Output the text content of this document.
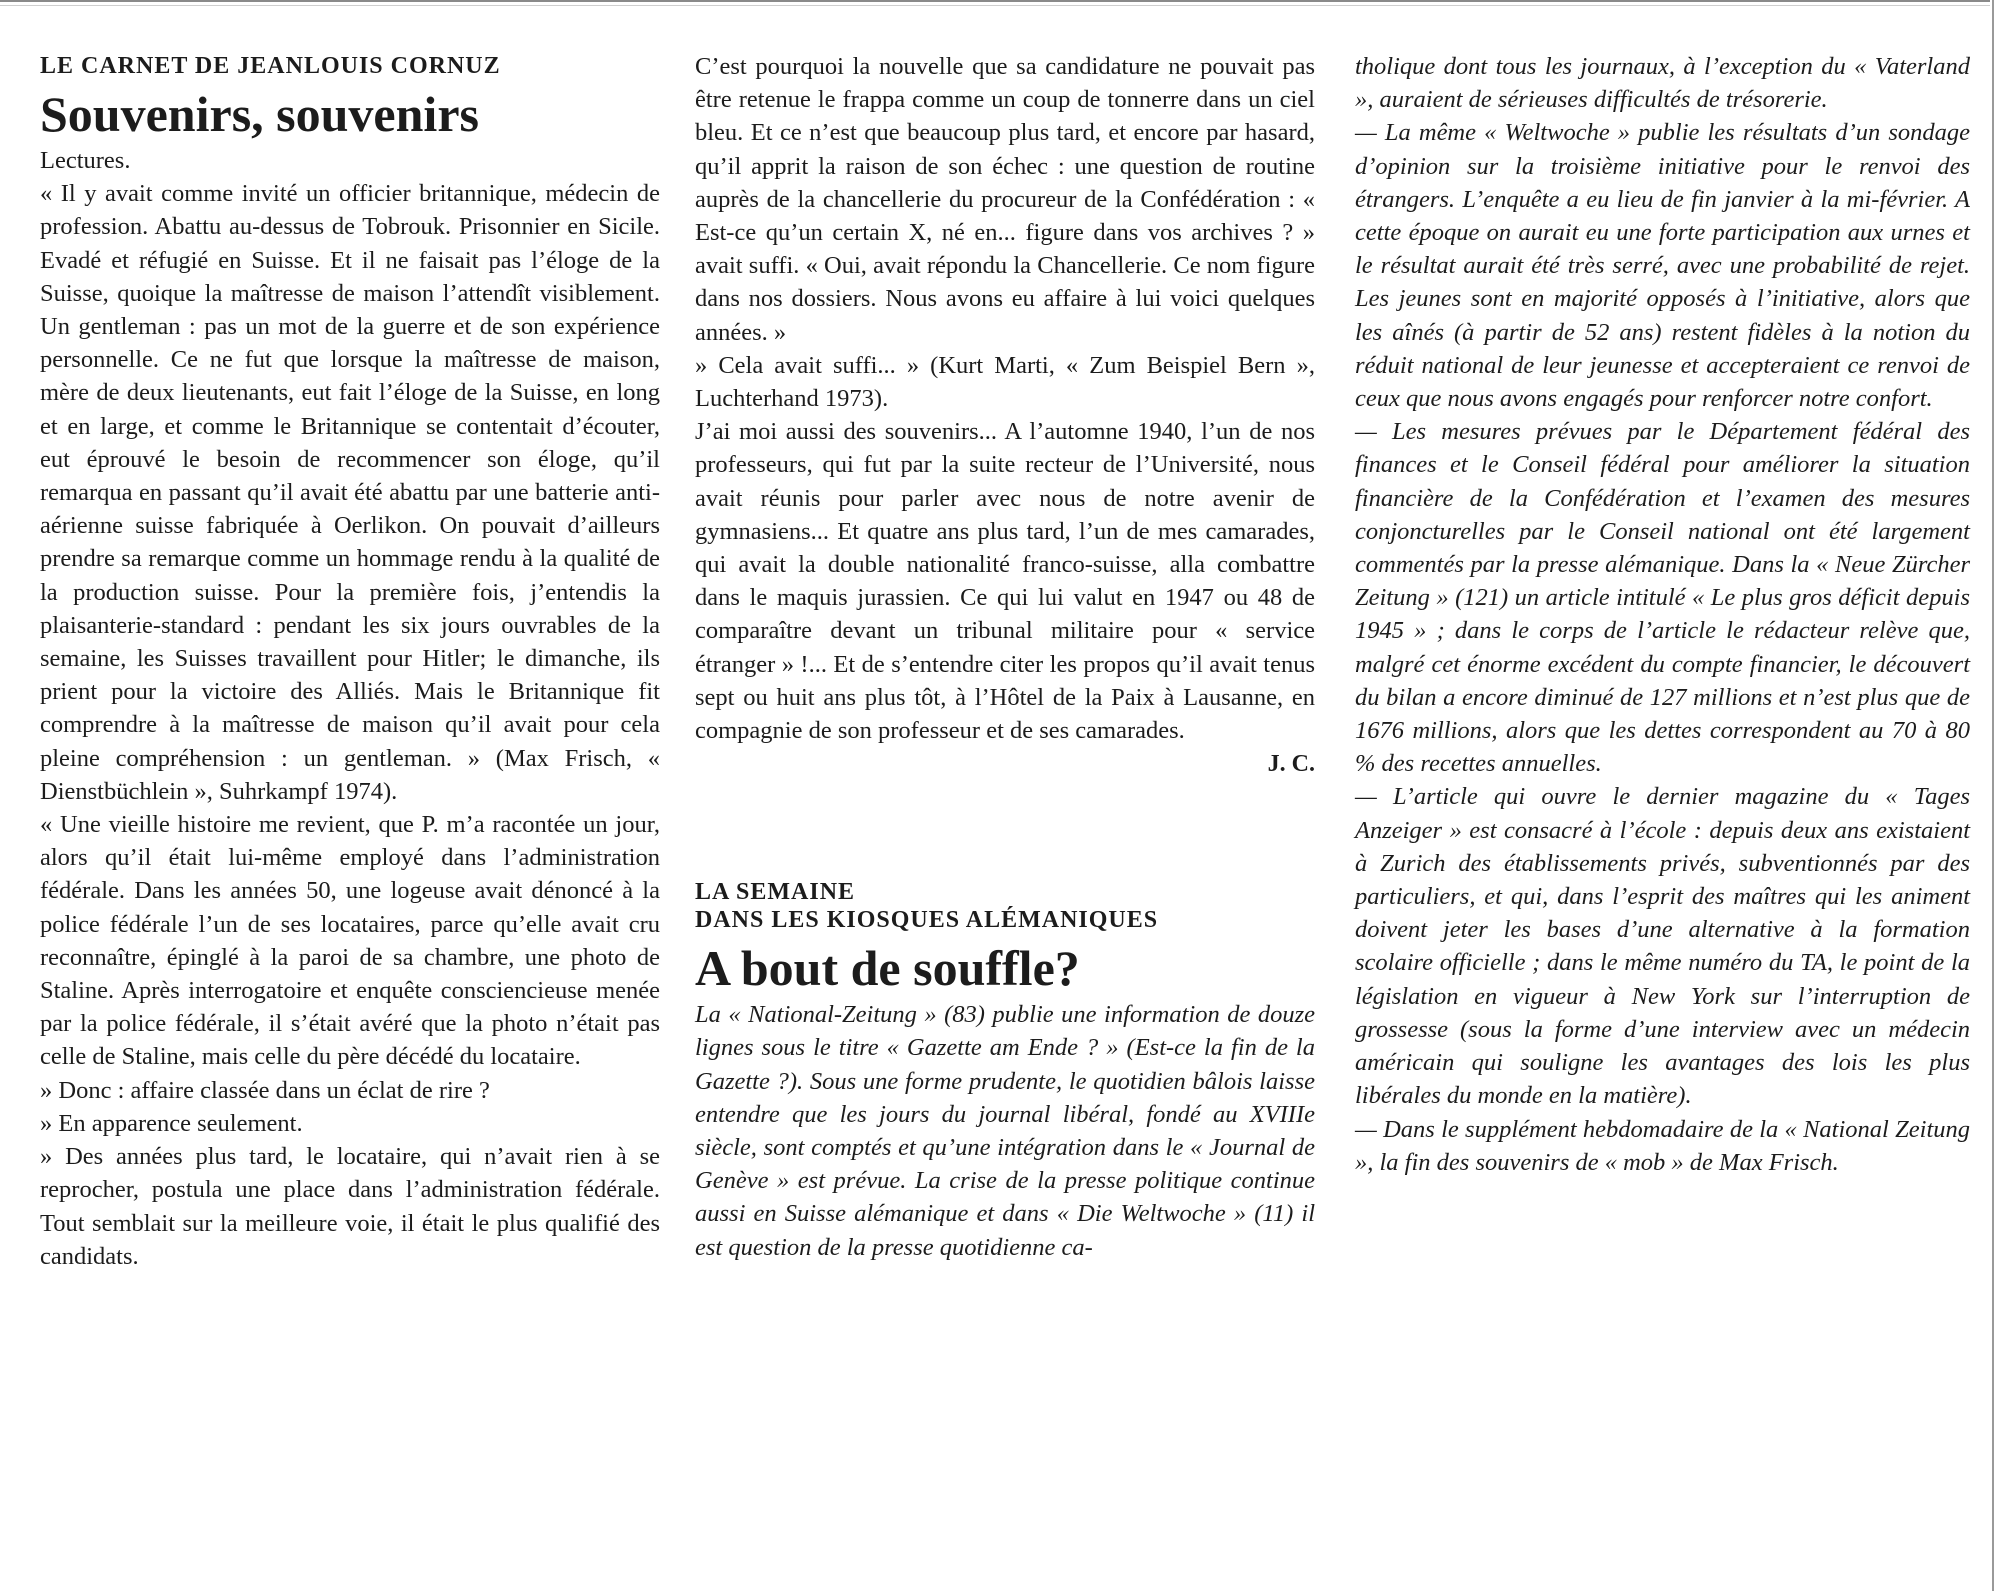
LE CARNET DE JEANLOUIS CORNUZ
Souvenirs, souvenirs

Lectures.

« Il y avait comme invité un officier britannique, médecin de profession. Abattu au-dessus de Tobrouk. Prisonnier en Sicile. Evadé et réfugié en Suisse. Et il ne faisait pas l’éloge de la Suisse, quoique la maîtresse de maison l’attendît visiblement. Un gentleman : pas un mot de la guerre et de son expérience personnelle. Ce ne fut que lorsque la maîtresse de maison, mère de deux lieutenants, eut fait l’éloge de la Suisse, en long et en large, et comme le Britannique se contentait d’écouter, eut éprouvé le besoin de recommencer son éloge, qu’il remarqua en passant qu’il avait été abattu par une batterie anti-aérienne suisse fabriquée à Oerlikon. On pouvait d’ailleurs prendre sa remarque comme un hommage rendu à la qualité de la production suisse. Pour la première fois, j’entendis la plaisanterie-standard : pendant les six jours ouvrables de la semaine, les Suisses travaillent pour Hitler; le dimanche, ils prient pour la victoire des Alliés. Mais le Britannique fit comprendre à la maîtresse de maison qu’il avait pour cela pleine compréhension : un gentleman. » (Max Frisch, « Dienstbüchlein », Suhrkampf 1974).

« Une vieille histoire me revient, que P. m’a racontée un jour, alors qu’il était lui-même employé dans l’administration fédérale. Dans les années 50, une logeuse avait dénoncé à la police fédérale l’un de ses locataires, parce qu’elle avait cru reconnaître, épinglé à la paroi de sa chambre, une photo de Staline. Après interrogatoire et enquête consciencieuse menée par la police fédérale, il s’était avéré que la photo n’était pas celle de Staline, mais celle du père décédé du locataire.

» Donc : affaire classée dans un éclat de rire ?

» En apparence seulement.

» Des années plus tard, le locataire, qui n’avait rien à se reprocher, postula une place dans l’administration fédérale. Tout semblait sur la meilleure voie, il était le plus qualifié des candidats.

C’est pourquoi la nouvelle que sa candidature ne pouvait pas être retenue le frappa comme un coup de tonnerre dans un ciel bleu. Et ce n’est que beaucoup plus tard, et encore par hasard, qu’il apprit la raison de son échec : une question de routine auprès de la chancellerie du procureur de la Confédération : « Est-ce qu’un certain X, né en... figure dans vos archives ? » avait suffi. « Oui, avait répondu la Chancellerie. Ce nom figure dans nos dossiers. Nous avons eu affaire à lui voici quelques années. »

» Cela avait suffi... » (Kurt Marti, « Zum Beispiel Bern », Luchterhand 1973).

J’ai moi aussi des souvenirs... A l’automne 1940, l’un de nos professeurs, qui fut par la suite recteur de l’Université, nous avait réunis pour parler avec nous de notre avenir de gymnasiens... Et quatre ans plus tard, l’un de mes camarades, qui avait la double nationalité franco-suisse, alla combattre dans le maquis jurassien. Ce qui lui valut en 1947 ou 48 de comparaître devant un tribunal militaire pour « service étranger » !... Et de s’entendre citer les propos qu’il avait tenus sept ou huit ans plus tôt, à l’Hôtel de la Paix à Lausanne, en compagnie de son professeur et de ses camarades.

J. C.
LA SEMAINE
DANS LES KIOSQUES ALÉMANIQUES
A bout de souffle?

La « National-Zeitung » (83) publie une information de douze lignes sous le titre « Gazette am Ende ? » (Est-ce la fin de la Gazette ?). Sous une forme prudente, le quotidien bâlois laisse entendre que les jours du journal libéral, fondé au XVIIIe siècle, sont comptés et qu’une intégration dans le « Journal de Genève » est prévue. La crise de la presse politique continue aussi en Suisse alémanique et dans « Die Weltwoche » (11) il est question de la presse quotidienne ca-

tholique dont tous les journaux, à l’exception du « Vaterland », auraient de sérieuses difficultés de trésorerie.

— La même « Weltwoche » publie les résultats d’un sondage d’opinion sur la troisième initiative pour le renvoi des étrangers. L’enquête a eu lieu de fin janvier à la mi-février. A cette époque on aurait eu une forte participation aux urnes et le résultat aurait été très serré, avec une probabilité de rejet. Les jeunes sont en majorité opposés à l’initiative, alors que les aînés (à partir de 52 ans) restent fidèles à la notion du réduit national de leur jeunesse et accepteraient ce renvoi de ceux que nous avons engagés pour renforcer notre confort.

— Les mesures prévues par le Département fédéral des finances et le Conseil fédéral pour améliorer la situation financière de la Confédération et l’examen des mesures conjoncturelles par le Conseil national ont été largement commentés par la presse alémanique. Dans la « Neue Zürcher Zeitung » (121) un article intitulé « Le plus gros déficit depuis 1945 » ; dans le corps de l’article le rédacteur relève que, malgré cet énorme excédent du compte financier, le découvert du bilan a encore diminué de 127 millions et n’est plus que de 1676 millions, alors que les dettes correspondent au 70 à 80 % des recettes annuelles.

— L’article qui ouvre le dernier magazine du « Tages Anzeiger » est consacré à l’école : depuis deux ans existaient à Zurich des établissements privés, subventionnés par des particuliers, et qui, dans l’esprit des maîtres qui les animent doivent jeter les bases d’une alternative à la formation scolaire officielle ; dans le même numéro du TA, le point de la législation en vigueur à New York sur l’interruption de grossesse (sous la forme d’une interview avec un médecin américain qui souligne les avantages des lois les plus libérales du monde en la matière).

— Dans le supplément hebdomadaire de la « National Zeitung », la fin des souvenirs de « mob » de Max Frisch.
